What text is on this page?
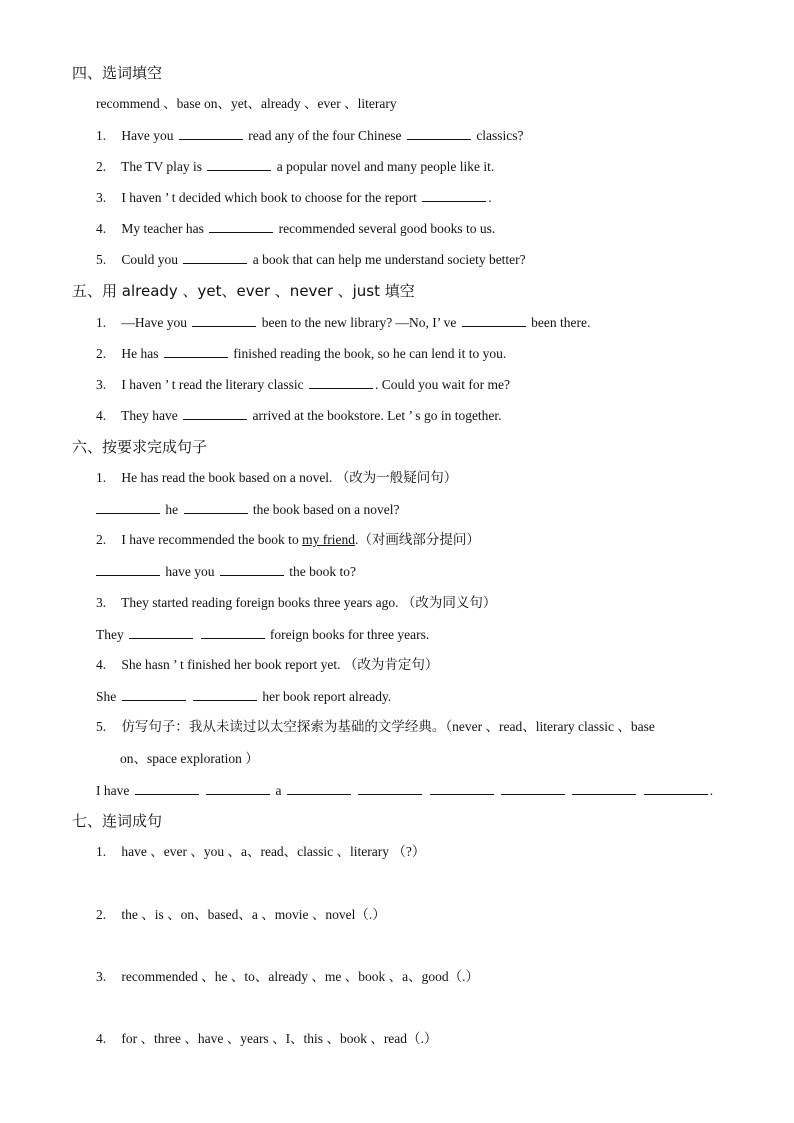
四、选词填空
recommend 、base on、yet、already 、ever 、literary
1. Have you	read any of the four Chinese	classics?
2. The TV play is	a popular novel and many people like it.
3. I haven ’ t decided which book to choose for the report	.
4. My teacher has	recommended several good books to us.
5. Could you	a book that can help me understand society better?
五、用 already 、yet、ever 、never 、just 填空
1. —Have you	been to the new library? —No, I’ ve	been there.
2. He has	finished reading the book, so he can lend it to you.
3. I haven ’ t read the literary classic	. Could you wait for me?
4. They have	arrived at the bookstore. Let ’ s go in together.
六、按要求完成句子
1. He has read the book based on a novel. （改为一般疑问句）
he	the book based on a novel?
2. I have recommended the book to my friend.（对画线部分提问）
have you	the book to?
3. They started reading foreign books three years ago. （改为同义句）
They	foreign books for three years.
4. She hasn ’ t finished her book report yet. （改为肯定句）
She	her book report already.
5. 仿写句子：我从未读过以太空探索为基础的文学经典。（never 、read、literary classic 、base
on、space exploration ）
I have	a	.
七、连词成句
1. have 、ever 、you 、a、read、classic 、literary （?）
2. the 、is 、on、based、a 、movie 、novel（.）
3. recommended 、he 、to、already 、me 、book 、a、good（.）
4. for 、three 、have 、years 、I、this 、book 、read（.）
